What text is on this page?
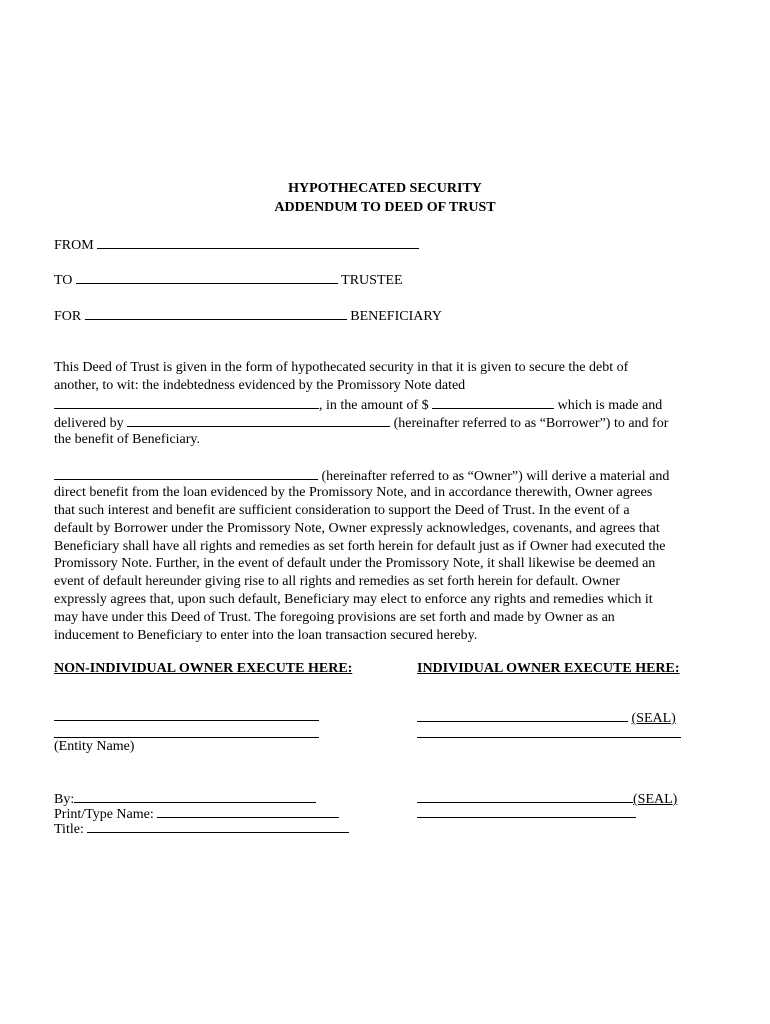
HYPOTHECATED SECURITY
ADDENDUM TO DEED OF TRUST
FROM
TO	TRUSTEE
FOR	BENEFICIARY
This Deed of Trust is given in the form of hypothecated security in that it is given to secure the debt of
another, to wit: the indebtedness evidenced by the Promissory Note dated
, in the amount of $	which is made and
delivered by	(hereinafter referred to as “Borrower”) to and for
the benefit of Beneficiary.
(hereinafter referred to as “Owner”) will derive a material and
direct benefit from the loan evidenced by the Promissory Note, and in accordance therewith, Owner agrees
that such interest and benefit are sufficient consideration to support the Deed of Trust. In the event of a
default by Borrower under the Promissory Note, Owner expressly acknowledges, covenants, and agrees that
Beneficiary shall have all rights and remedies as set forth herein for default just as if Owner had executed the
Promissory Note. Further, in the event of default under the Promissory Note, it shall likewise be deemed an
event of default hereunder giving rise to all rights and remedies as set forth herein for default. Owner
expressly agrees that, upon such default, Beneficiary may elect to enforce any rights and remedies which it
may have under this Deed of Trust. The foregoing provisions are set forth and made by Owner as an
inducement to Beneficiary to enter into the loan transaction secured hereby.
NON-INDIVIDUAL OWNER EXECUTE HERE:	INDIVIDUAL OWNER EXECUTE HERE:
(Entity Name)
(SEAL)
By:
Print/Type Name:
Title:
(SEAL)
